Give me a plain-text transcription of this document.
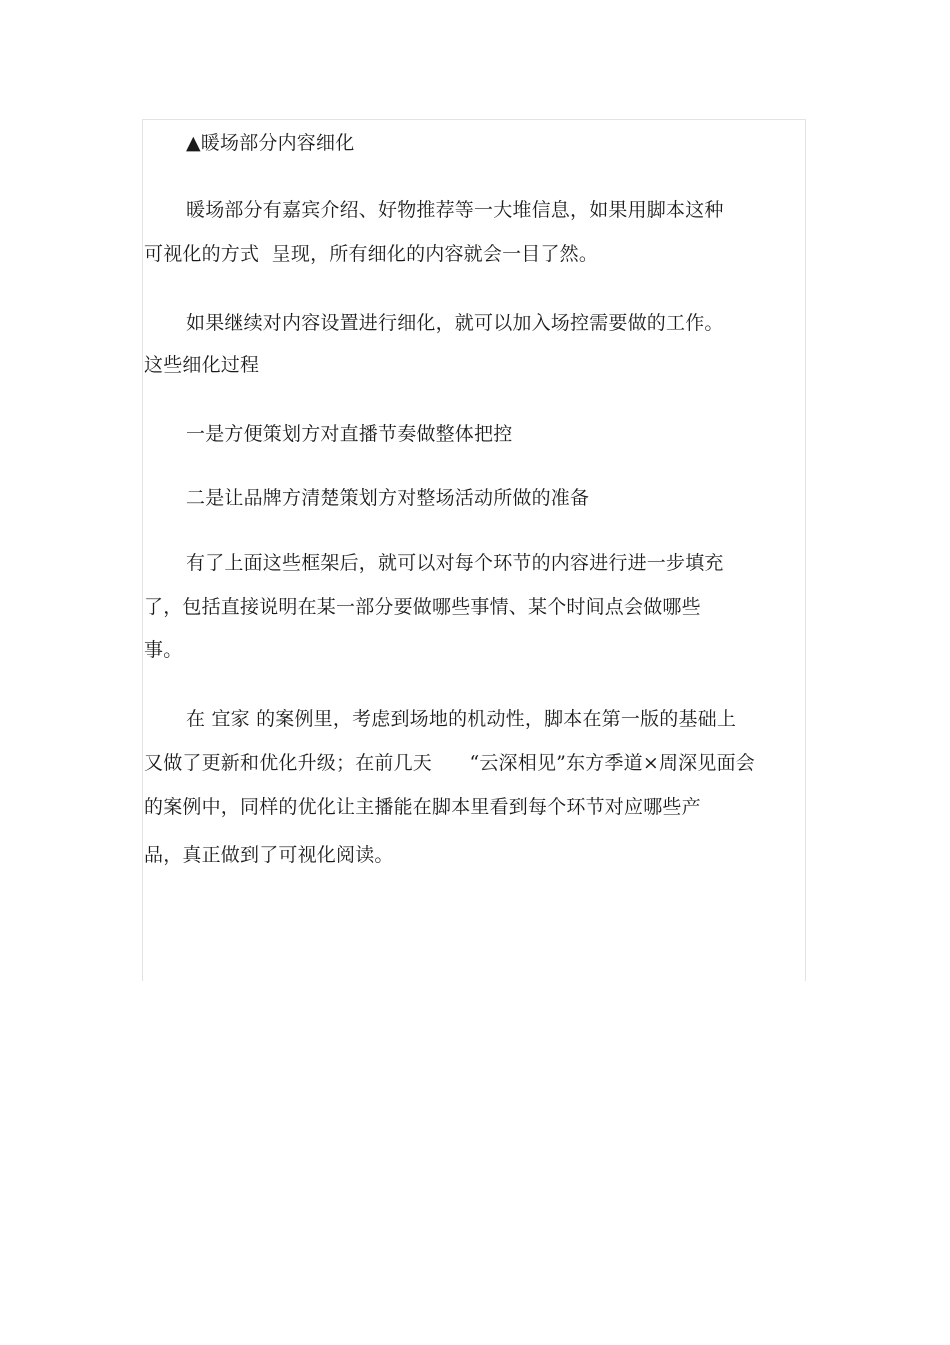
▲暖场部分内容细化
暖场部分有嘉宾介绍、好物推荐等一大堆信息，如果用脚本这种
可视化的方式  呈现，所有细化的内容就会一目了然。
如果继续对内容设置进行细化，就可以加入场控需要做的工作。
这些细化过程
一是方便策划方对直播节奏做整体把控
二是让品牌方清楚策划方对整场活动所做的准备
有了上面这些框架后，就可以对每个环节的内容进行进一步填充
了，包括直接说明在某一部分要做哪些事情、某个时间点会做哪些
事。
在 宜家 的案例里，考虑到场地的机动性，脚本在第一版的基础上
又做了更新和优化升级；在前几天      “云深相见”东方季道×周深见面会
的案例中，同样的优化让主播能在脚本里看到每个环节对应哪些产
品，真正做到了可视化阅读。
